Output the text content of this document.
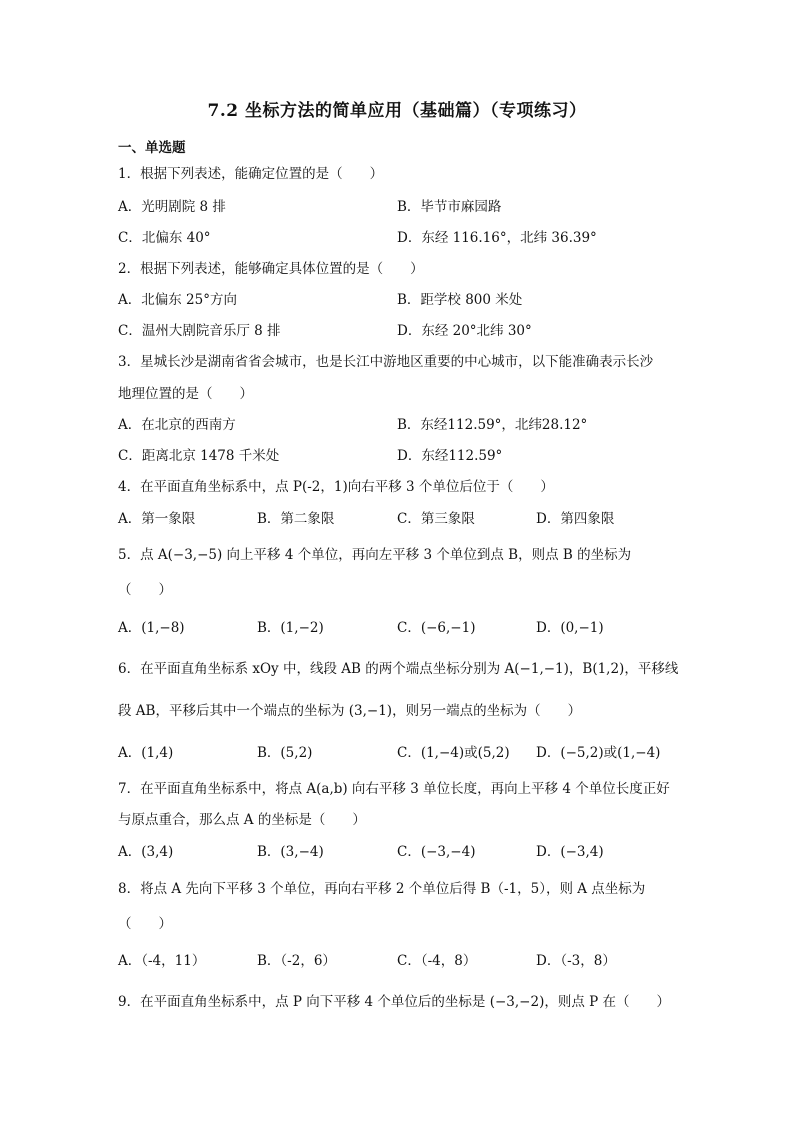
7.2 坐标方法的简单应用（基础篇）（专项练习）
一、单选题
1．根据下列表述，能确定位置的是（　　）
A．光明剧院 8 排	B．毕节市麻园路
C．北偏东 40°	D．东经 116.16°，北纬 36.39°
2．根据下列表述，能够确定具体位置的是（　　）
A．北偏东 25°方向	B．距学校 800 米处
C．温州大剧院音乐厅 8 排	D．东经 20°北纬 30°
3．星城长沙是湖南省省会城市，也是长江中游地区重要的中心城市，以下能准确表示长沙
地理位置的是（　　）
A．在北京的西南方	B．东经112.59°，北纬28.12°
C．距离北京 1478 千米处	D．东经112.59°
4．在平面直角坐标系中，点 P(-2，1)向右平移 3 个单位后位于（　　）
A．第一象限	B．第二象限	C．第三象限	D．第四象限
5．点 A(−3,−5) 向上平移 4 个单位，再向左平移 3 个单位到点 B，则点 B 的坐标为
（　　）
A．(1,−8)	B．(1,−2)	C．(−6,−1)	D．(0,−1)
6．在平面直角坐标系 xOy 中，线段 AB 的两个端点坐标分别为 A(−1,−1)，B(1,2)，平移线
段 AB，平移后其中一个端点的坐标为 (3,−1)，则另一端点的坐标为（　　）
A．(1,4)	B．(5,2)	C．(1,−4)或(5,2) D．(−5,2)或(1,−4)
7．在平面直角坐标系中，将点 A(a,b) 向右平移 3 单位长度，再向上平移 4 个单位长度正好
与原点重合，那么点 A 的坐标是（　　）
A．(3,4)	B．(3,−4)	C．(−3,−4)	D．(−3,4)
8．将点 A 先向下平移 3 个单位，再向右平移 2 个单位后得 B（-1，5），则 A 点坐标为
（　　）
A．（-4，11）	B．（-2，6）	C．（-4，8）	D．（-3，8）
9．在平面直角坐标系中，点 P 向下平移 4 个单位后的坐标是 (−3,−2)，则点 P 在（　　）
